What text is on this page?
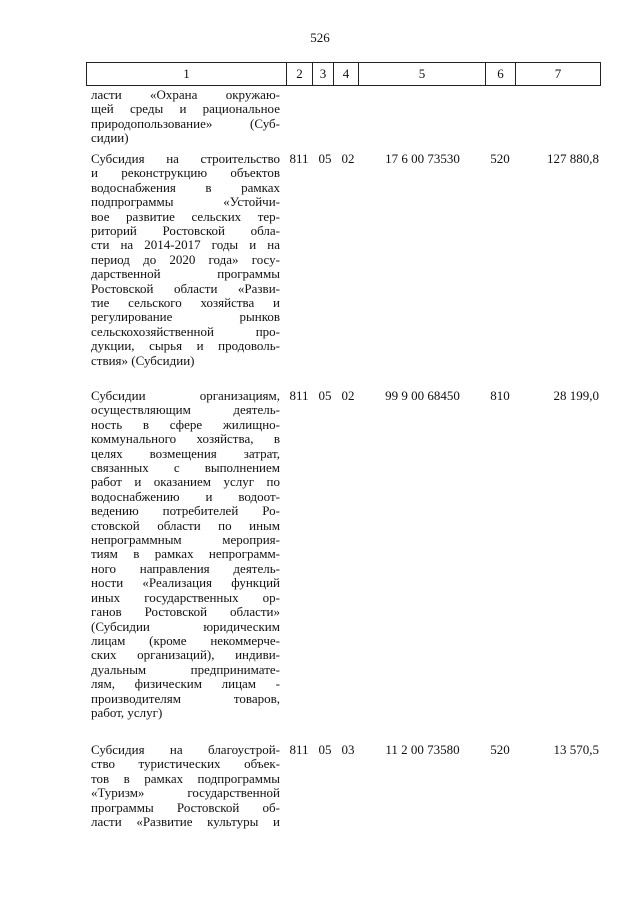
526
1	2	3	4	5	6	7
ласти «Охрана окружаю-
щей среды и рациональное
природопользование» (Суб-
сидии)
Субсидия на строительство
и реконструкцию объектов
водоснабжения в рамках
подпрограммы «Устойчи-
вое развитие сельских тер-
риторий Ростовской обла-
сти на 2014-2017 годы и на
период до 2020 года» госу-
дарственной программы
Ростовской области «Разви-
тие сельского хозяйства и
регулирование рынков
сельскохозяйственной про-
дукции, сырья и продоволь-
ствия» (Субсидии)
811 05 02	17 6 00 73530	520	127 880,8
Субсидии организациям,
осуществляющим деятель-
ность в сфере жилищно-
коммунального хозяйства, в
целях возмещения затрат,
связанных с выполнением
работ и оказанием услуг по
водоснабжению и водоот-
ведению потребителей Ро-
стовской области по иным
непрограммным мероприя-
тиям в рамках непрограмм-
ного направления деятель-
ности «Реализация функций
иных государственных ор-
ганов Ростовской области»
(Субсидии юридическим
лицам (кроме некоммерче-
ских организаций), индиви-
дуальным предпринимате-
лям, физическим лицам -
производителям товаров,
работ, услуг)
811 05 02	99 9 00 68450	810	28 199,0
Субсидия на благоустрой-
ство туристических объек-
тов в рамках подпрограммы
«Туризм» государственной
программы Ростовской об-
ласти «Развитие культуры и
811 05 03	11 2 00 73580	520	13 570,5
